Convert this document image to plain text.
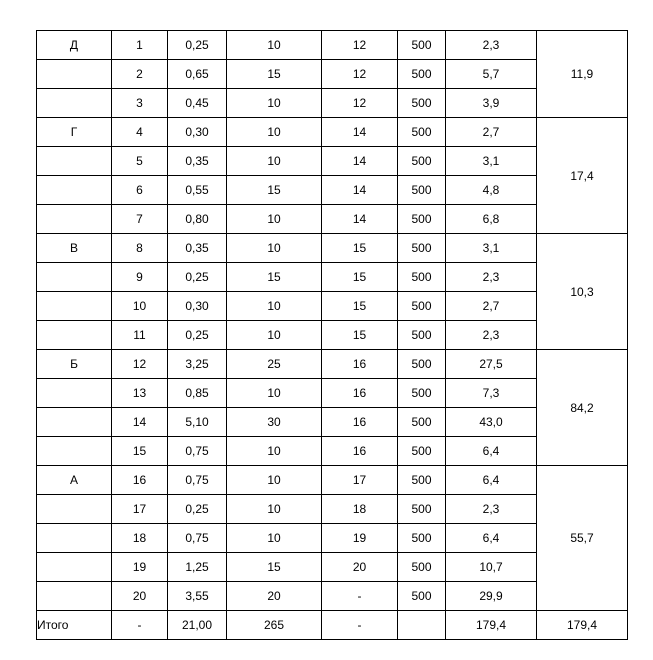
Д	1	0,25	10	12	500	2,3	11,9
	2	0,65	15	12	500	5,7	
	3	0,45	10	12	500	3,9	
Г	4	0,30	10	14	500	2,7	17,4
	5	0,35	10	14	500	3,1	
	6	0,55	15	14	500	4,8	
	7	0,80	10	14	500	6,8	
В	8	0,35	10	15	500	3,1	10,3
	9	0,25	15	15	500	2,3	
	10	0,30	10	15	500	2,7	
	11	0,25	10	15	500	2,3	
Б	12	3,25	25	16	500	27,5	84,2
	13	0,85	10	16	500	7,3	
	14	5,10	30	16	500	43,0	
	15	0,75	10	16	500	6,4	
А	16	0,75	10	17	500	6,4	55,7
	17	0,25	10	18	500	2,3	
	18	0,75	10	19	500	6,4	
	19	1,25	15	20	500	10,7	
	20	3,55	20	-	500	29,9	
Итого	-	21,00	265	-		179,4	179,4
